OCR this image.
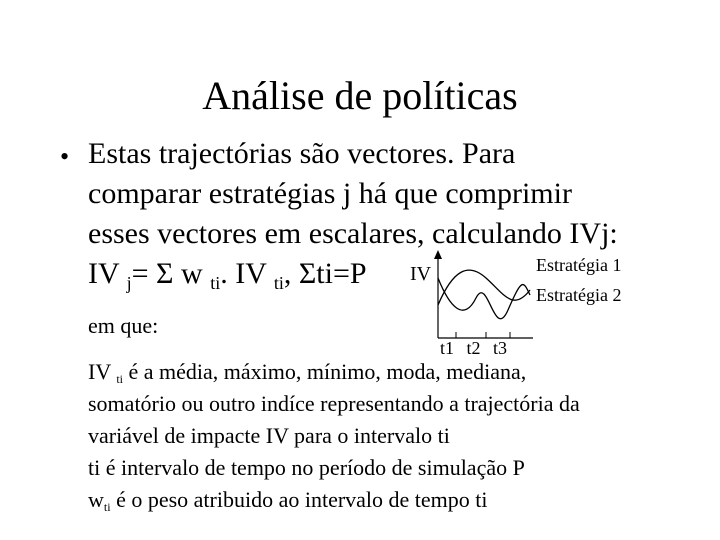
Análise de políticas
• Estas trajectórias são vectores. Para
comparar estratégias j há que comprimir
esses vectores em escalares, calculando IVj:
IV $_j$= Σ w $_{ti}$. IV $_{ti}$, Σti=P IV	Estratégia 1
Estratégia 2
t1 t2 t3
em que:
IV $_{ti}$ é a média, máximo, mínimo, moda, mediana,
somatório ou outro indíce representando a trajectória da
variável de impacte IV para o intervalo ti
ti é intervalo de tempo no período de simulação P
$w_{ti}$ é o peso atribuido ao intervalo de tempo ti
